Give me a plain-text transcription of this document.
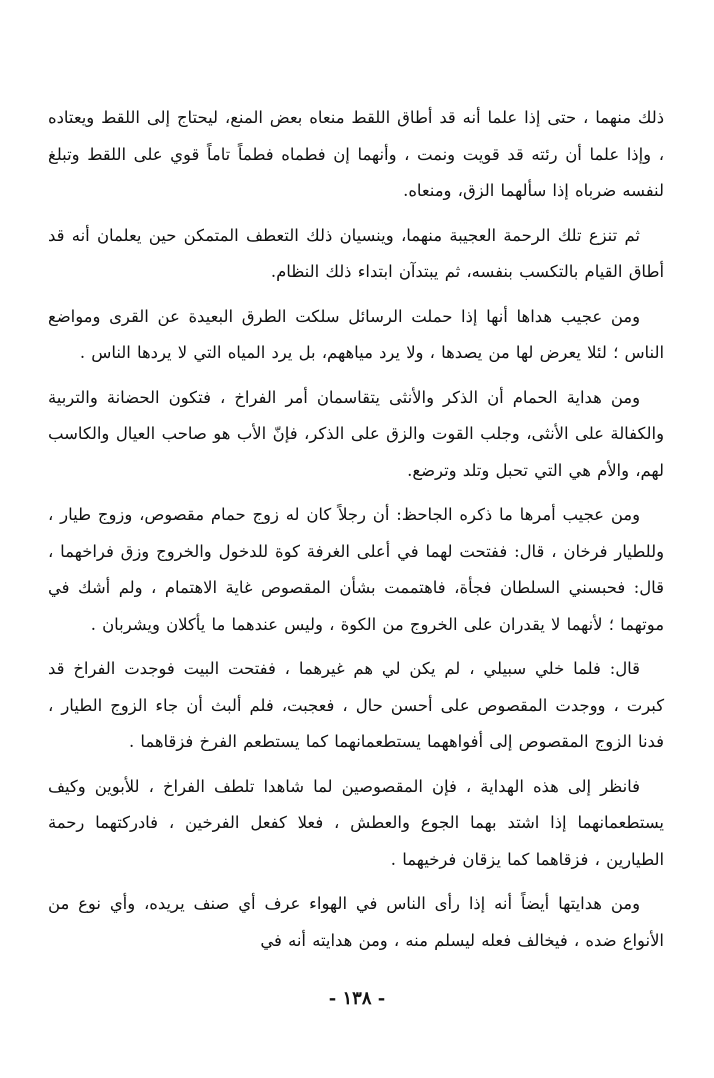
ذلك منهما ، حتى إذا علما أنه قد أطاق اللقط منعاه بعض المنع، ليحتاج إلى اللقط ويعتاده ، وإذا علما أن رئته قد قويت ونمت ، وأنهما إن فطماه فطماً تاماً قوي على اللقط وتبلغ لنفسه ضرباه إذا سألهما الزق، ومنعاه.

ثم تنزع تلك الرحمة العجيبة منهما، وينسيان ذلك التعطف المتمكن حين يعلمان أنه قد أطاق القيام بالتكسب بنفسه، ثم يبتدآن ابتداء ذلك النظام.

ومن عجيب هداها أنها إذا حملت الرسائل سلكت الطرق البعيدة عن القرى ومواضع الناس ؛ لئلا يعرض لها من يصدها ، ولا يرد مياههم، بل يرد المياه التي لا يردها الناس .

ومن هداية الحمام أن الذكر والأنثى يتقاسمان أمر الفراخ ، فتكون الحضانة والتربية والكفالة على الأنثى، وجلب القوت والزق على الذكر، فإنّ الأب هو صاحب العيال والكاسب لهم، والأم هي التي تحبل وتلد وترضع.

ومن عجيب أمرها ما ذكره الجاحظ: أن رجلاً كان له زوج حمام مقصوص، وزوج طيار ، وللطيار فرخان ، قال: ففتحت لهما في أعلى الغرفة كوة للدخول والخروج وزق فراخهما ، قال: فحبسني السلطان فجأة، فاهتممت بشأن المقصوص غاية الاهتمام ، ولم أشك في موتهما ؛ لأنهما لا يقدران على الخروج من الكوة ، وليس عندهما ما يأكلان ويشربان .

قال: فلما خلي سبيلي ، لم يكن لي هم غيرهما ، ففتحت البيت فوجدت الفراخ قد كبرت ، ووجدت المقصوص على أحسن حال ، فعجبت، فلم ألبث أن جاء الزوج الطيار ، فدنا الزوج المقصوص إلى أفواههما يستطعمانهما كما يستطعم الفرخ فزقاهما .

فانظر إلى هذه الهداية ، فإن المقصوصين لما شاهدا تلطف الفراخ ، للأبوين وكيف يستطعمانهما إذا اشتد بهما الجوع والعطش ، فعلا كفعل الفرخين ، فادركتهما رحمة الطيارين ، فزقاهما كما يزقان فرخيهما .

ومن هدايتها أيضاً أنه إذا رأى الناس في الهواء عرف أي صنف يريده، وأي نوع من الأنواع ضده ، فيخالف فعله ليسلم منه ، ومن هدايته أنه في

- ١٣٨ -
